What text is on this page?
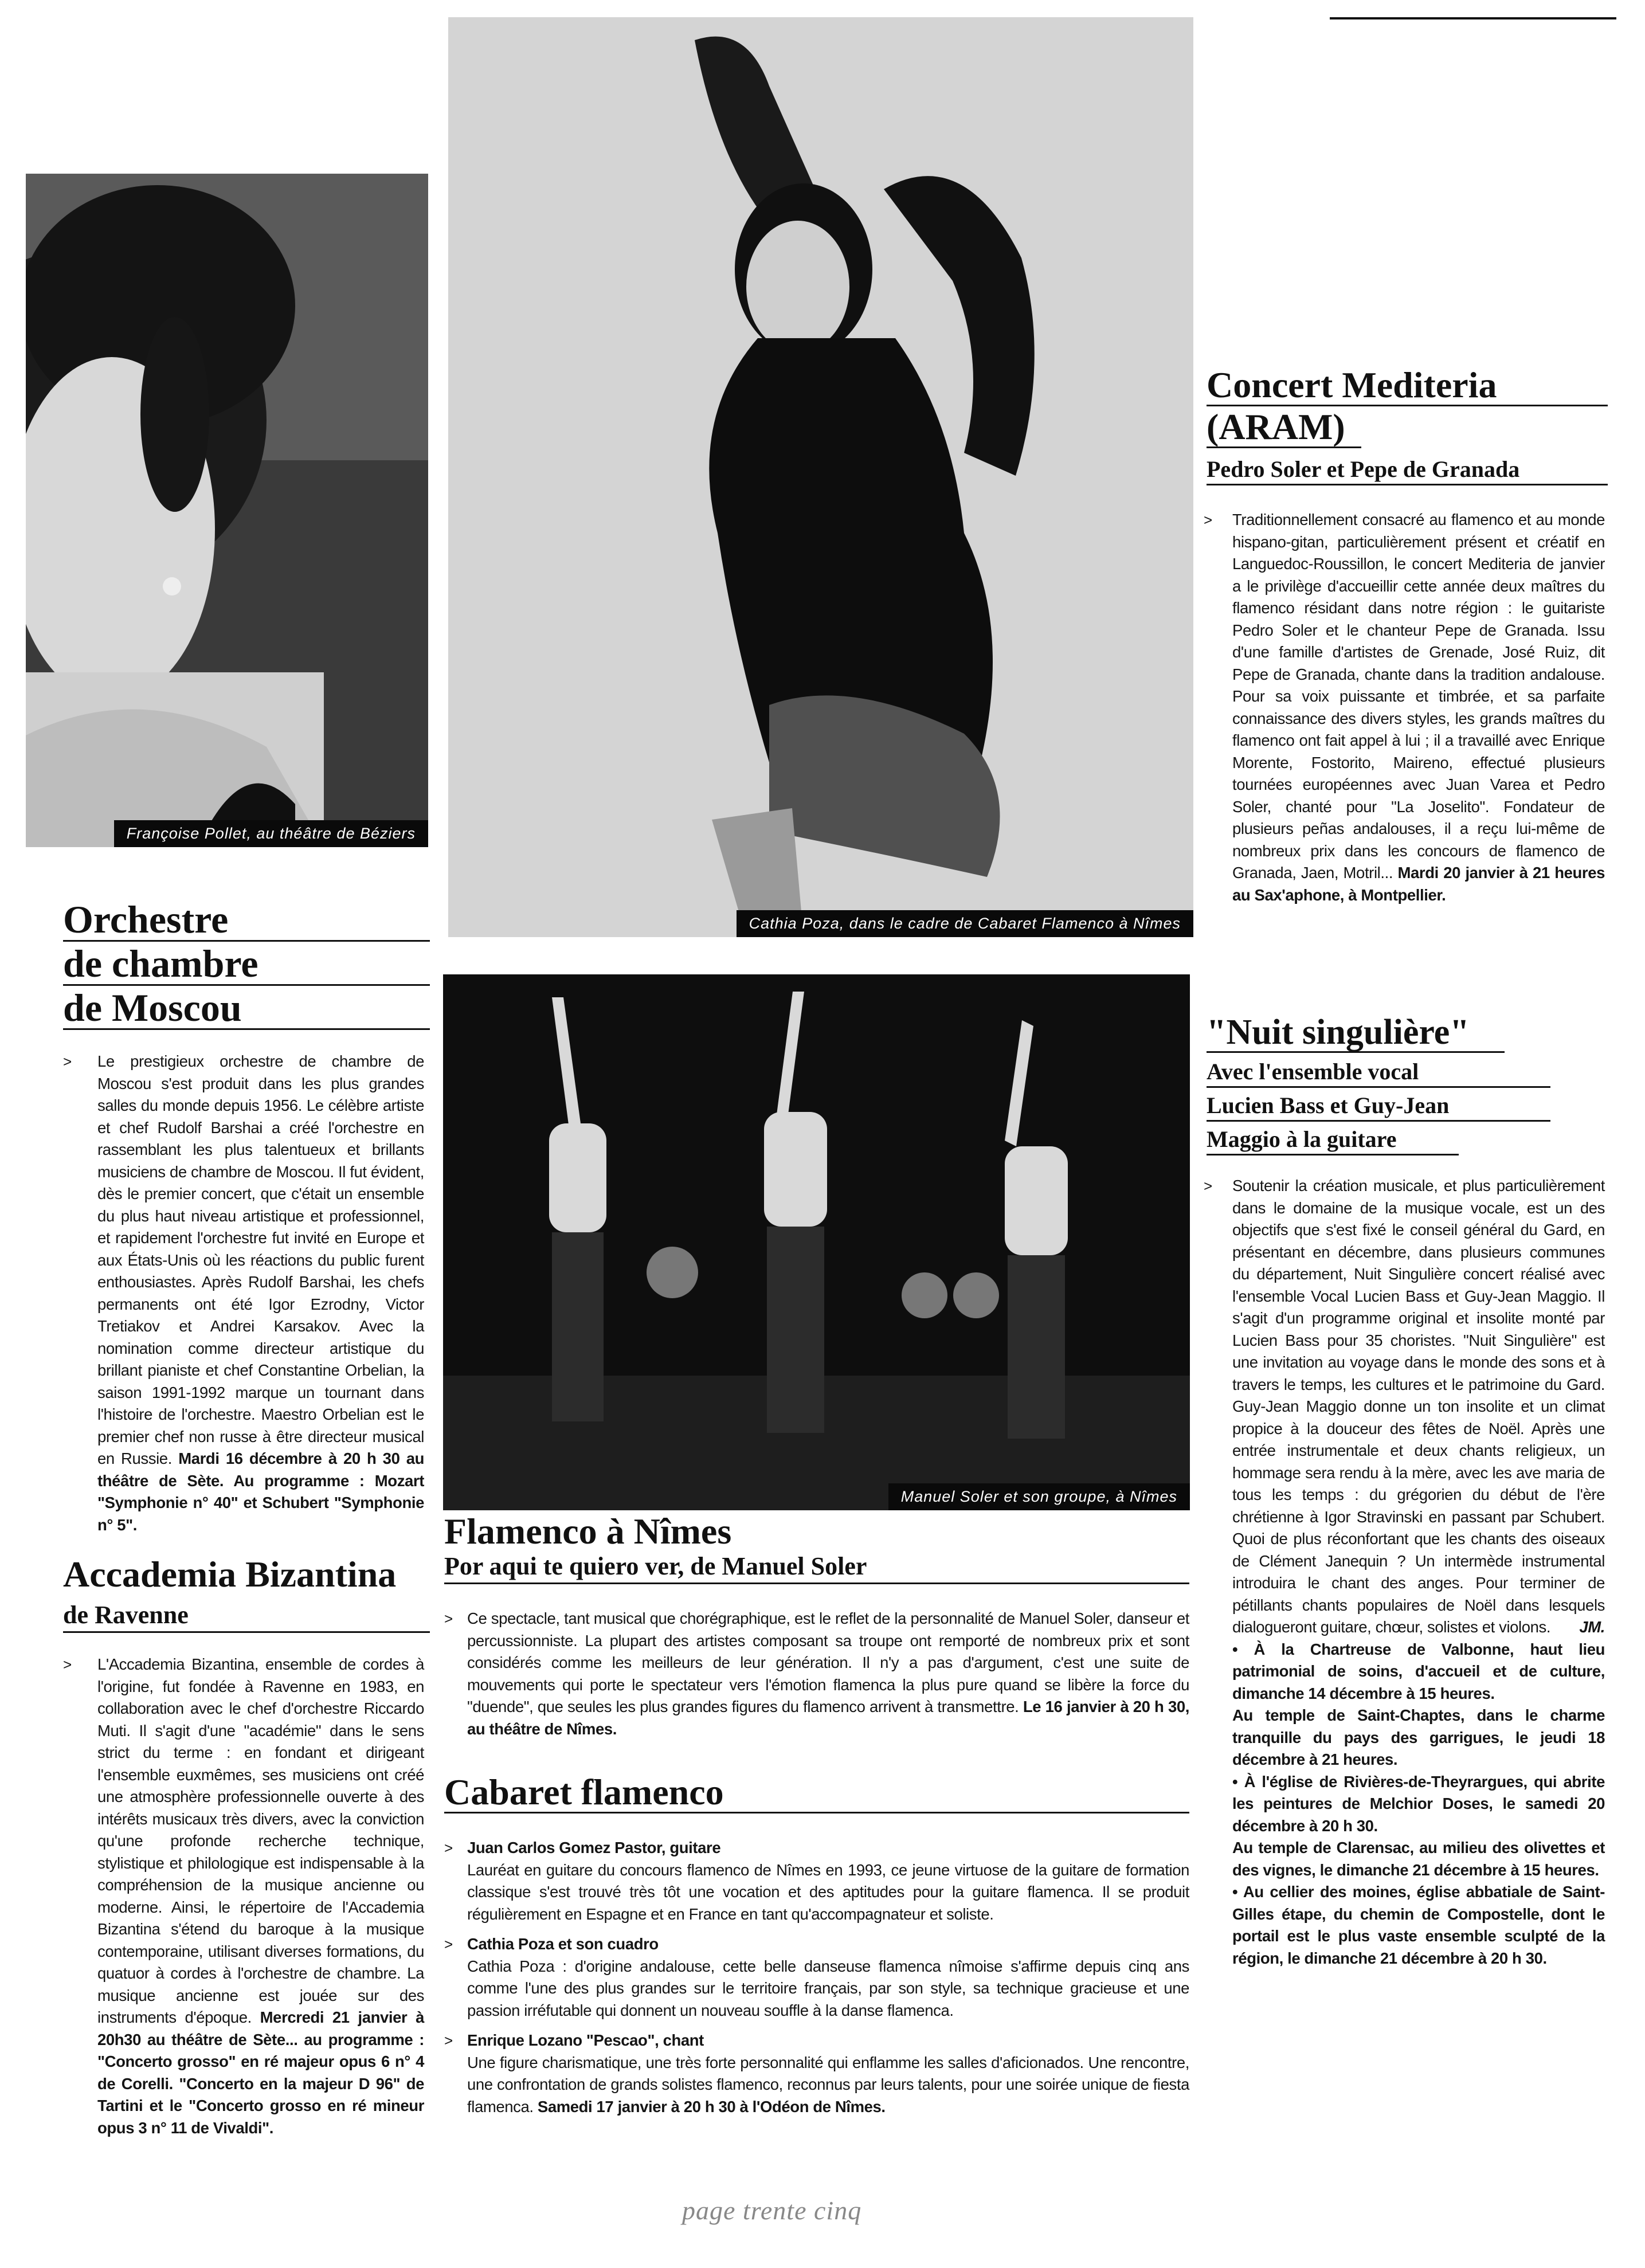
Françoise Pollet, au théâtre de Béziers
Cathia Poza, dans le cadre de Cabaret Flamenco à Nîmes
Manuel Soler et son groupe, à Nîmes
Orchestre
de chambre
de Moscou
> Le prestigieux orchestre de chambre de Moscou s'est produit dans les plus grandes salles du monde depuis 1956. Le célèbre artiste et chef Rudolf Barshai a créé l'orchestre en rassemblant les plus talentueux et brillants musiciens de chambre de Moscou. Il fut évident, dès le premier concert, que c'était un ensemble du plus haut niveau artistique et professionnel, et rapidement l'orchestre fut invité en Europe et aux États-Unis où les réactions du public furent enthousiastes. Après Rudolf Barshai, les chefs permanents ont été Igor Ezrodny, Victor Tretiakov et Andrei Karsakov. Avec la nomination comme directeur artistique du brillant pianiste et chef Constantine Orbelian, la saison 1991-1992 marque un tournant dans l'histoire de l'orchestre. Maestro Orbelian est le premier chef non russe à être directeur musical en Russie. Mardi 16 décembre à 20 h 30 au théâtre de Sète. Au programme : Mozart "Symphonie n° 40" et Schubert "Symphonie n° 5".
Accademia Bizantina
de Ravenne
> L'Accademia Bizantina, ensemble de cordes à l'origine, fut fondée à Ravenne en 1983, en collaboration avec le chef d'orchestre Riccardo Muti. Il s'agit d'une "académie" dans le sens strict du terme : en fondant et dirigeant l'ensemble euxmêmes, ses musiciens ont créé une atmosphère professionnelle ouverte à des intérêts musicaux très divers, avec la conviction qu'une profonde recherche technique, stylistique et philologique est indispensable à la compréhension de la musique ancienne ou moderne. Ainsi, le répertoire de l'Accademia Bizantina s'étend du baroque à la musique contemporaine, utilisant diverses formations, du quatuor à cordes à l'orchestre de chambre. La musique ancienne est jouée sur des instruments d'époque. Mercredi 21 janvier à 20h30 au théâtre de Sète... au programme : "Concerto grosso" en ré majeur opus 6 n° 4 de Corelli. "Concerto en la majeur D 96" de Tartini et le "Concerto grosso en ré mineur opus 3 n° 11 de Vivaldi".
Flamenco à Nîmes
Por aqui te quiero ver, de Manuel Soler
> Ce spectacle, tant musical que chorégraphique, est le reflet de la personnalité de Manuel Soler, danseur et percussionniste. La plupart des artistes composant sa troupe ont remporté de nombreux prix et sont considérés comme les meilleurs de leur génération. Il n'y a pas d'argument, c'est une suite de mouvements qui porte le spectateur vers l'émotion flamenca la plus pure quand se libère la force du "duende", que seules les plus grandes figures du flamenco arrivent à transmettre. Le 16 janvier à 20 h 30, au théâtre de Nîmes.
Cabaret flamenco
> Juan Carlos Gomez Pastor, guitare
Lauréat en guitare du concours flamenco de Nîmes en 1993, ce jeune virtuose de la guitare de formation classique s'est trouvé très tôt une vocation et des aptitudes pour la guitare flamenca. Il se produit régulièrement en Espagne et en France en tant qu'accompagnateur et soliste.
> Cathia Poza et son cuadro
Cathia Poza : d'origine andalouse, cette belle danseuse flamenca nîmoise s'affirme depuis cinq ans comme l'une des plus grandes sur le territoire français, par son style, sa technique gracieuse et une passion irréfutable qui donnent un nouveau souffle à la danse flamenca.
> Enrique Lozano "Pescao", chant
Une figure charismatique, une très forte personnalité qui enflamme les salles d'aficionados. Une rencontre, une confrontation de grands solistes flamenco, reconnus par leurs talents, pour une soirée unique de fiesta flamenca. Samedi 17 janvier à 20 h 30 à l'Odéon de Nîmes.
Concert Mediteria
(ARAM)
Pedro Soler et Pepe de Granada
> Traditionnellement consacré au flamenco et au monde hispano-gitan, particulièrement présent et créatif en Languedoc-Roussillon, le concert Mediteria de janvier a le privilège d'accueillir cette année deux maîtres du flamenco résidant dans notre région : le guitariste Pedro Soler et le chanteur Pepe de Granada. Issu d'une famille d'artistes de Grenade, José Ruiz, dit Pepe de Granada, chante dans la tradition andalouse. Pour sa voix puissante et timbrée, et sa parfaite connaissance des divers styles, les grands maîtres du flamenco ont fait appel à lui ; il a travaillé avec Enrique Morente, Fostorito, Maireno, effectué plusieurs tournées européennes avec Juan Varea et Pedro Soler, chanté pour "La Joselito". Fondateur de plusieurs peñas andalouses, il a reçu lui-même de nombreux prix dans les concours de flamenco de Granada, Jaen, Motril... Mardi 20 janvier à 21 heures au Sax'aphone, à Montpellier.
"Nuit singulière"
Avec l'ensemble vocal
Lucien Bass et Guy-Jean
Maggio à la guitare
> Soutenir la création musicale, et plus particulièrement dans le domaine de la musique vocale, est un des objectifs que s'est fixé le conseil général du Gard, en présentant en décembre, dans plusieurs communes du département, Nuit Singulière concert réalisé avec l'ensemble Vocal Lucien Bass et Guy-Jean Maggio. Il s'agit d'un programme original et insolite monté par Lucien Bass pour 35 choristes. "Nuit Singulière" est une invitation au voyage dans le monde des sons et à travers le temps, les cultures et le patrimoine du Gard. Guy-Jean Maggio donne un ton insolite et un climat propice à la douceur des fêtes de Noël. Après une entrée instrumentale et deux chants religieux, un hommage sera rendu à la mère, avec les ave maria de tous les temps : du grégorien du début de l'ère chrétienne à Igor Stravinski en passant par Schubert. Quoi de plus réconfortant que les chants des oiseaux de Clément Janequin ? Un intermède instrumental introduira le chant des anges. Pour terminer de pétillants chants populaires de Noël dans lesquels dialogueront guitare, chœur, solistes et violons. JM.
• À la Chartreuse de Valbonne, haut lieu patrimonial de soins, d'accueil et de culture, dimanche 14 décembre à 15 heures.
Au temple de Saint-Chaptes, dans le charme tranquille du pays des garrigues, le jeudi 18 décembre à 21 heures.
• À l'église de Rivières-de-Theyrargues, qui abrite les peintures de Melchior Doses, le samedi 20 décembre à 20 h 30.
Au temple de Clarensac, au milieu des olivettes et des vignes, le dimanche 21 décembre à 15 heures.
• Au cellier des moines, église abbatiale de Saint-Gilles étape, du chemin de Compostelle, dont le portail est le plus vaste ensemble sculpté de la région, le dimanche 21 décembre à 20 h 30.
page trente cinq
